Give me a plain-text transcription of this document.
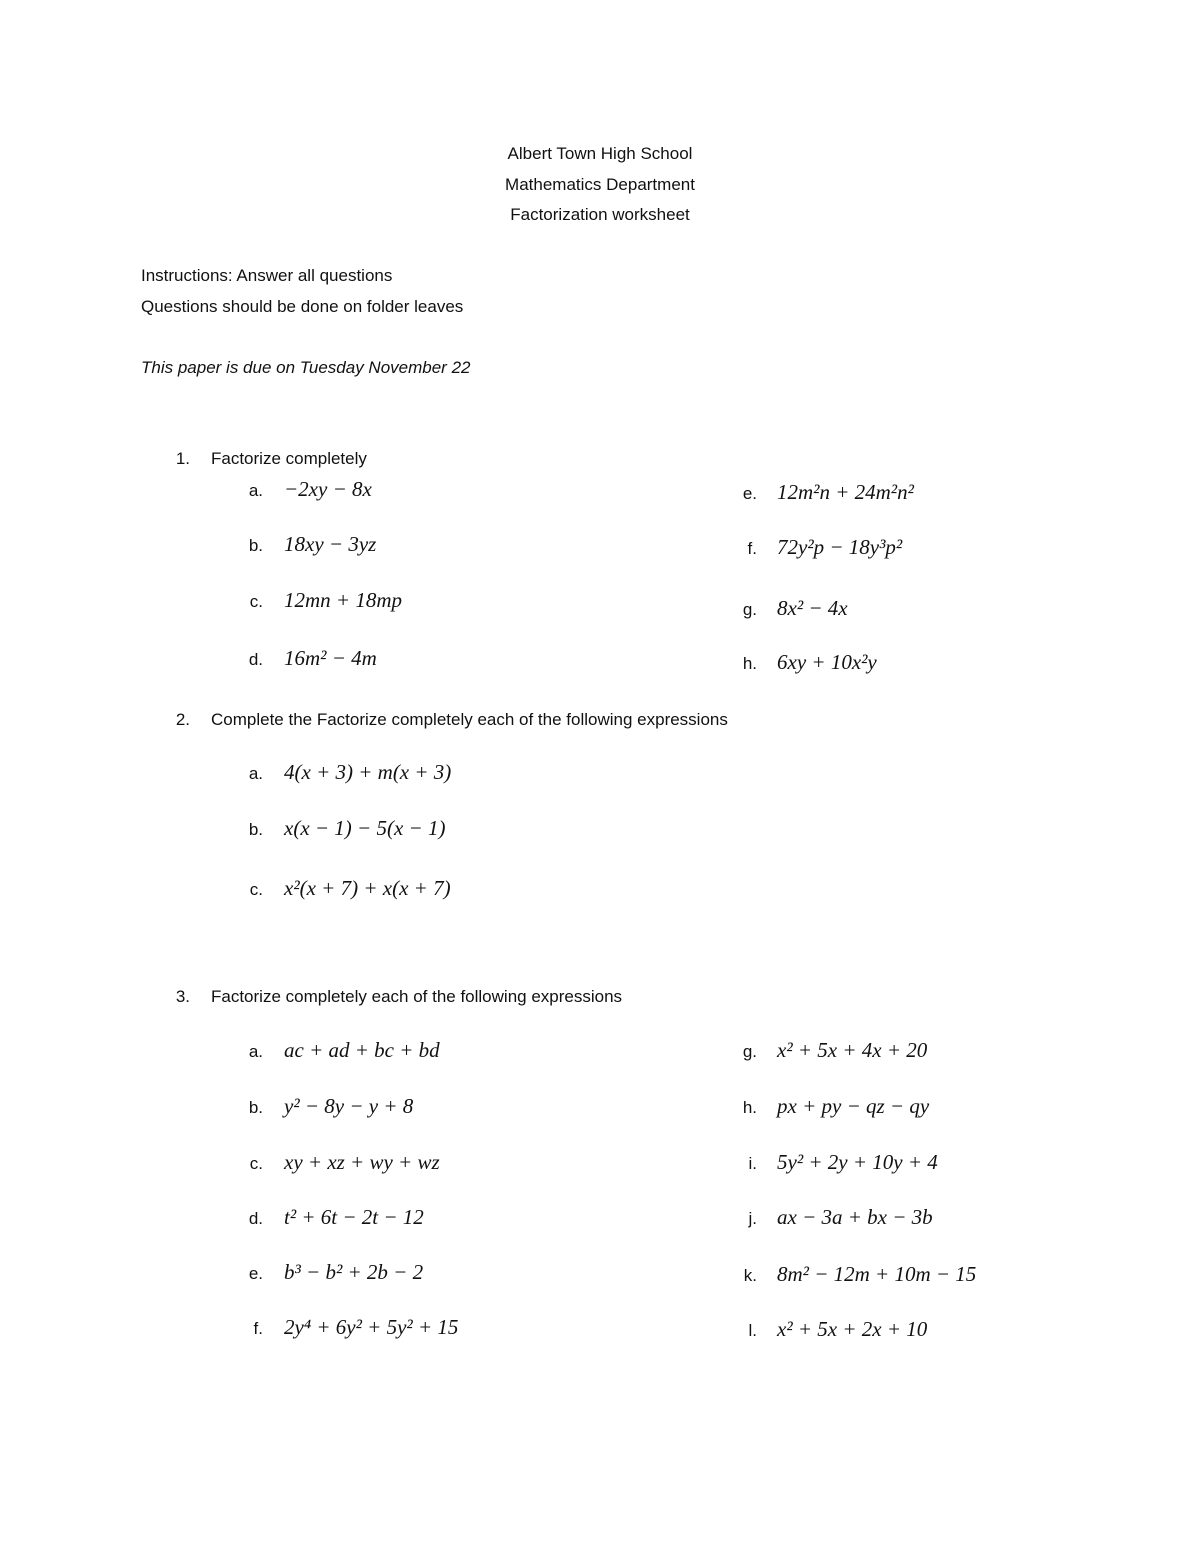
Albert Town High School
Mathematics Department
Factorization worksheet
Instructions: Answer all questions
Questions should be done on folder leaves
This paper is due on Tuesday November 22
1. Factorize completely
a. −2xy − 8x
b. 18xy − 3yz
c. 12mn + 18mp
d. 16m² − 4m
e. 12m²n + 24m²n²
f. 72y²p − 18y³p²
g. 8x² − 4x
h. 6xy + 10x²y
2. Complete the Factorize completely each of the following expressions
a. 4(x + 3) + m(x + 3)
b. x(x − 1) − 5(x − 1)
c. x²(x + 7) + x(x + 7)
3. Factorize completely each of the following expressions
a. ac + ad + bc + bd
b. y² − 8y − y + 8
c. xy + xz + wy + wz
d. t² + 6t − 2t − 12
e. b³ − b² + 2b − 2
f. 2y⁴ + 6y² + 5y² + 15
g. x² + 5x + 4x + 20
h. px + py − qz − qy
i. 5y² + 2y + 10y + 4
j. ax − 3a + bx − 3b
k. 8m² − 12m + 10m − 15
l. x² + 5x + 2x + 10
